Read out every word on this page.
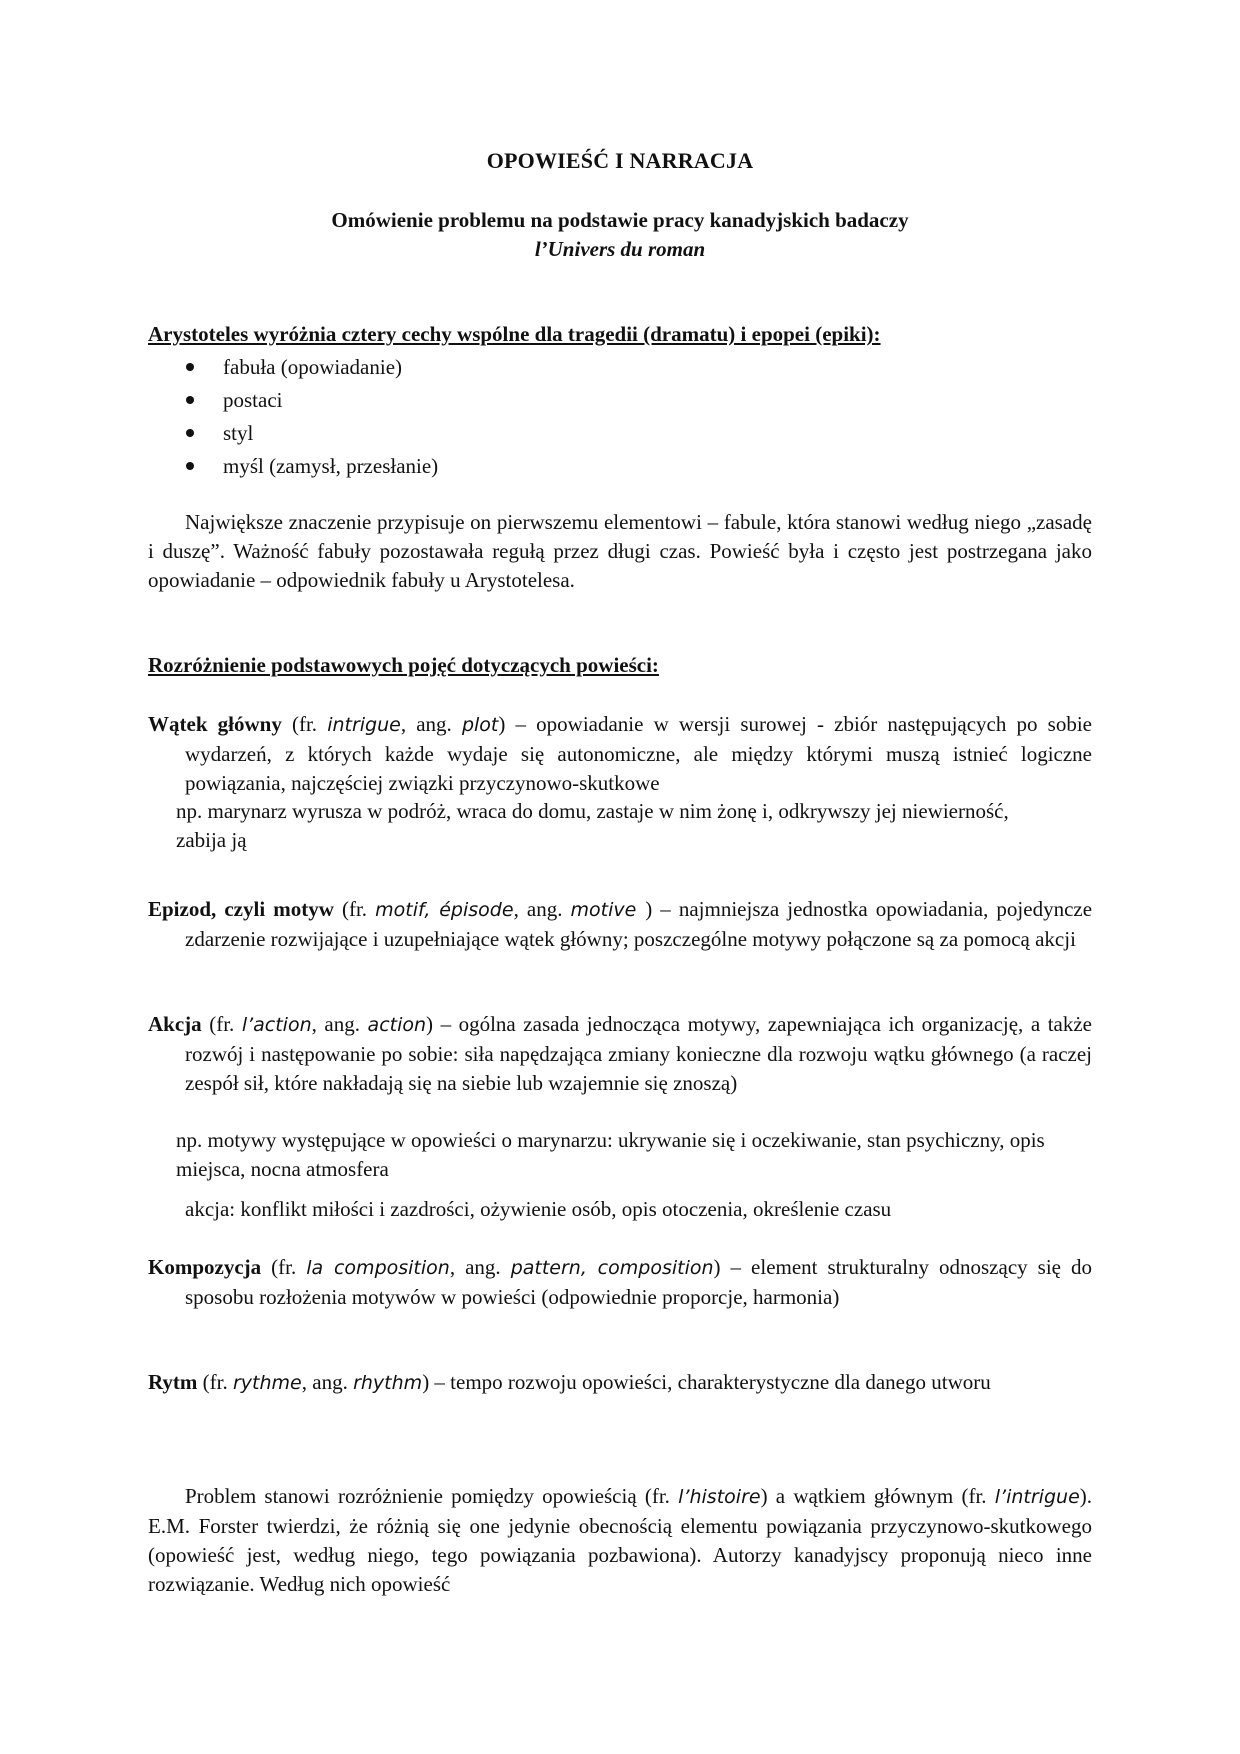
OPOWIEŚĆ I NARRACJA
Omówienie problemu na podstawie pracy kanadyjskich badaczy
l’Univers du roman
Arystoteles wyróżnia cztery cechy wspólne dla tragedii (dramatu) i epopei (epiki):
fabuła (opowiadanie)
postaci
styl
myśl (zamysł, przesłanie)
Największe znaczenie przypisuje on pierwszemu elementowi – fabule, która stanowi według niego „zasadę i duszę”. Ważność fabuły pozostawała regułą przez długi czas. Powieść była i często jest postrzegana jako opowiadanie – odpowiednik fabuły u Arystotelesa.
Rozróżnienie podstawowych pojęć dotyczących powieści:
Wątek główny (fr. intrigue, ang. plot) – opowiadanie w wersji surowej - zbiór następujących po sobie wydarzeń, z których każde wydaje się autonomiczne, ale między którymi muszą istnieć logiczne powiązania, najczęściej związki przyczynowo-skutkowe
np. marynarz wyrusza w podróż, wraca do domu, zastaje w nim żonę i, odkrywszy jej niewierność, zabija ją
Epizod, czyli motyw (fr. motif, épisode, ang. motive ) – najmniejsza jednostka opowiadania, pojedyncze zdarzenie rozwijające i uzupełniające wątek główny; poszczególne motywy połączone są za pomocą akcji
Akcja (fr. l’action, ang. action) – ogólna zasada jednocząca motywy, zapewniająca ich organizację, a także rozwój i następowanie po sobie: siła napędzająca zmiany konieczne dla rozwoju wątku głównego (a raczej zespół sił, które nakładają się na siebie lub wzajemnie się znoszą)
np. motywy występujące w opowieści o marynarzu: ukrywanie się i oczekiwanie, stan psychiczny, opis miejsca, nocna atmosfera
akcja: konflikt miłości i zazdrości, ożywienie osób, opis otoczenia, określenie czasu
Kompozycja (fr. la composition, ang. pattern, composition) – element strukturalny odnoszący się do sposobu rozłożenia motywów w powieści (odpowiednie proporcje, harmonia)
Rytm (fr. rythme, ang. rhythm) – tempo rozwoju opowieści, charakterystyczne dla danego utworu
Problem stanowi rozróżnienie pomiędzy opowieścią (fr. l’histoire) a wątkiem głównym (fr. l’intrigue). E.M. Forster twierdzi, że różnią się one jedynie obecnością elementu powiązania przyczynowo-skutkowego (opowieść jest, według niego, tego powiązania pozbawiona). Autorzy kanadyjscy proponują nieco inne rozwiązanie. Według nich opowieść
